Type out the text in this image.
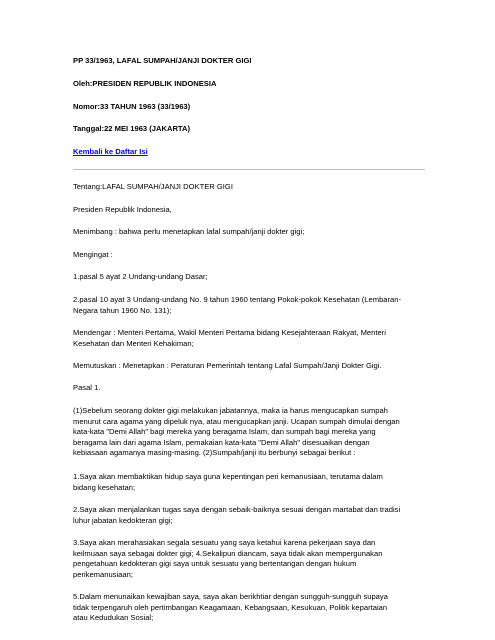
PP 33/1963, LAFAL SUMPAH/JANJI DOKTER GIGI
Oleh:PRESIDEN REPUBLIK INDONESIA
Nomor:33 TAHUN 1963 (33/1963)
Tanggal:22 MEI 1963 (JAKARTA)
Kembali ke Daftar Isi
Tentang:LAFAL SUMPAH/JANJI DOKTER GIGI
Presiden Republik Indonesia,
Menimbang : bahwa perlu menetapkan lafal sumpah/janji dokter gigi;
Mengingat :
1.pasal 5 ayat 2 Undang-undang Dasar;
2.pasal 10 ayat 3 Undang-undang No. 9 tahun 1960 tentang Pokok-pokok Kesehatan (Lembaran-
Negara tahun 1960 No. 131);
Mendengar : Menteri Pertama, Wakil Menteri Pertama bidang Kesejahteraan Rakyat, Menteri
Kesehatan dan Menteri Kehakiman;
Memutuskan : Menetapkan : Peraturan Pemerintah tentang Lafal Sumpah/Janji Dokter Gigi.
Pasal 1.
(1)Sebelum seorang dokter gigi melakukan jabatannya, maka ia harus mengucapkan sumpah
menurut cara agama yang dipeluk nya, atau mengucapkan janji. Ucapan sumpah dimulai dengan
kata-kata "Demi Allah" bagi mereka yang beragama Islam, dan sumpah bagi mereka yang
beragama lain dari agama Islam, pemakaian kata-kata "Demi Allah" disesuaikan dengan
kebiasaan agamanya masing-masing. (2)Sumpah/janji itu berbunyi sebagai berikut :
1.Saya akan membaktikan hidup saya guna kepentingan peri kemanusiaan, terutama dalam
bidang kesehatan;
2.Saya akan menjalankan tugas saya dengan sebaik-baiknya sesuai dengan martabat dan tradisi
luhur jabatan kedokteran gigi;
3.Saya akan merahasiakan segala sesuatu yang saya ketahui karena pekerjaan saya dan
keilmuaan saya sebagai dokter gigi; 4.Sekalipun diancam, saya tidak akan mempergunakan
pengetahuan kedokteran gigi saya untuk sesuatu yang bertentangan dengan hukum
perikemanusiaan;
5.Dalam menunaikan kewajiban saya, saya akan berikhtiar dengan sungguh-sungguh supaya
tidak terpengaruh oleh pertimbangan Keagamaan, Kebangsaan, Kesukuan, Politik kepartaian
atau Kedudukan Sosial;
